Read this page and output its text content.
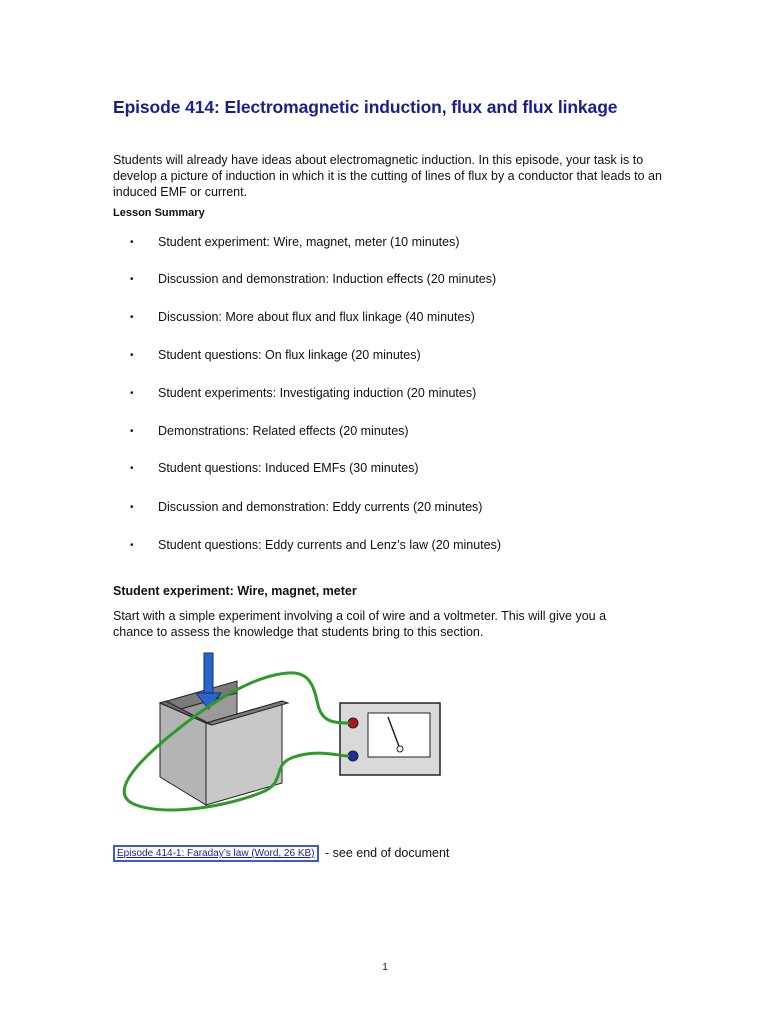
Episode 414: Electromagnetic induction, flux and flux linkage

Students will already have ideas about electromagnetic induction. In this episode, your task is to develop a picture of induction in which it is the cutting of lines of flux by a conductor that leads to an induced EMF or current.

Lesson Summary
• Student experiment: Wire, magnet, meter (10 minutes)
• Discussion and demonstration: Induction effects (20 minutes)
• Discussion: More about flux and flux linkage (40 minutes)
• Student questions: On flux linkage (20 minutes)
• Student experiments: Investigating induction (20 minutes)
• Demonstrations: Related effects (20 minutes)
• Student questions: Induced EMFs (30 minutes)
• Discussion and demonstration: Eddy currents (20 minutes)
• Student questions: Eddy currents and Lenz’s law (20 minutes)
Student experiment: Wire, magnet, meter

Start with a simple experiment involving a coil of wire and a voltmeter. This will give you a chance to assess the knowledge that students bring to this section.

Episode 414-1: Faraday’s law (Word, 26 KB) - see end of document
1
